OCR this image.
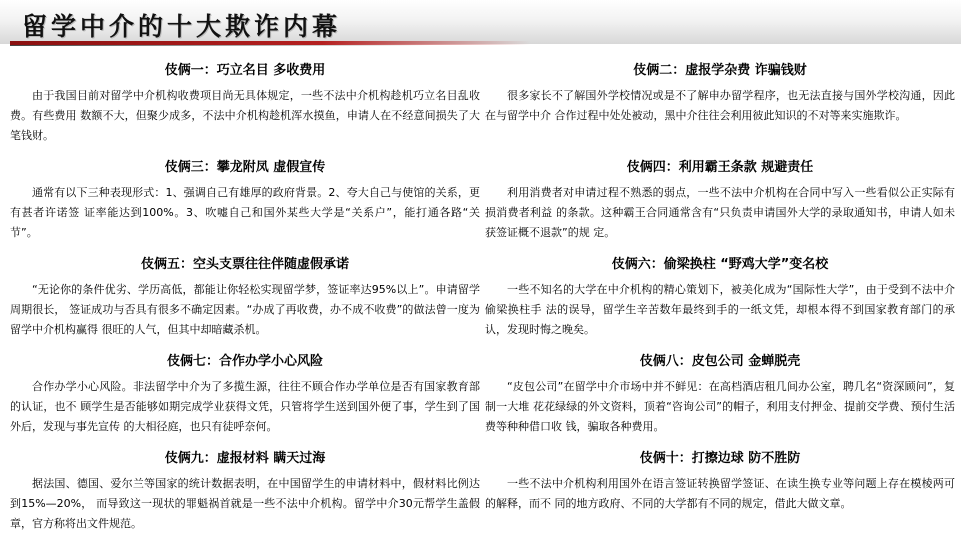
留学中介的十大欺诈内幕
伎俩一：巧立名目 多收费用

由于我国目前对留学中介机构收费项目尚无具体规定，一些不法中介机构趁机巧立名目乱收费。有些费用 数额不大，但聚少成多，不法中介机构趁机浑水摸鱼，申请人在不经意间损失了大笔钱财。

伎俩三：攀龙附凤 虚假宣传

通常有以下三种表现形式：1、强调自己有雄厚的政府背景。2、夸大自己与使馆的关系，更有甚者许诺签 证率能达到100%。3、吹嘘自己和国外某些大学是“关系户”，能打通各路“关节”。

伎俩五：空头支票往往伴随虚假承诺

“无论你的条件优劣、学历高低，都能让你轻松实现留学梦，签证率达95%以上”。申请留学周期很长， 签证成功与否具有很多不确定因素。“办成了再收费，办不成不收费”的做法曾一度为留学中介机构赢得 很旺的人气，但其中却暗藏杀机。

伎俩七：合作办学小心风险

合作办学小心风险。非法留学中介为了多揽生源，往往不顾合作办学单位是否有国家教育部的认证，也不 顾学生是否能够如期完成学业获得文凭，只管将学生送到国外便了事，学生到了国外后，发现与事先宣传 的大相径庭，也只有徒呼奈何。

伎俩九：虚报材料 瞒天过海

据法国、德国、爱尔兰等国家的统计数据表明，在中国留学生的申请材料中，假材料比例达到15%—20%， 而导致这一现状的罪魁祸首就是一些不法中介机构。留学中介30元帮学生盖假章，官方称将出文件规范。

伎俩二：虚报学杂费 诈骗钱财

很多家长不了解国外学校情况或是不了解申办留学程序，也无法直接与国外学校沟通，因此在与留学中介 合作过程中处处被动，黑中介往往会利用彼此知识的不对等来实施欺诈。

伎俩四：利用霸王条款 规避责任

利用消费者对申请过程不熟悉的弱点，一些不法中介机构在合同中写入一些看似公正实际有损消费者利益 的条款。这种霸王合同通常含有“只负责申请国外大学的录取通知书，申请人如未获签证概不退款”的规 定。

伎俩六：偷梁换柱 “野鸡大学”变名校

一些不知名的大学在中介机构的精心策划下，被美化成为“国际性大学”，由于受到不法中介偷梁换柱手 法的误导，留学生辛苦数年最终到手的一纸文凭，却根本得不到国家教育部门的承认，发现时悔之晚矣。

伎俩八：皮包公司 金蝉脱壳

“皮包公司”在留学中介市场中并不鲜见：在高档酒店租几间办公室，聘几名“资深顾问”，复制一大堆 花花绿绿的外文资料，顶着“咨询公司”的帽子，利用支付押金、提前交学费、预付生活费等种种借口收 钱，骗取各种费用。

伎俩十：打擦边球 防不胜防

一些不法中介机构利用国外在语言签证转换留学签证、在读生换专业等问题上存在模棱两可的解释，而不 同的地方政府、不同的大学都有不同的规定，借此大做文章。
